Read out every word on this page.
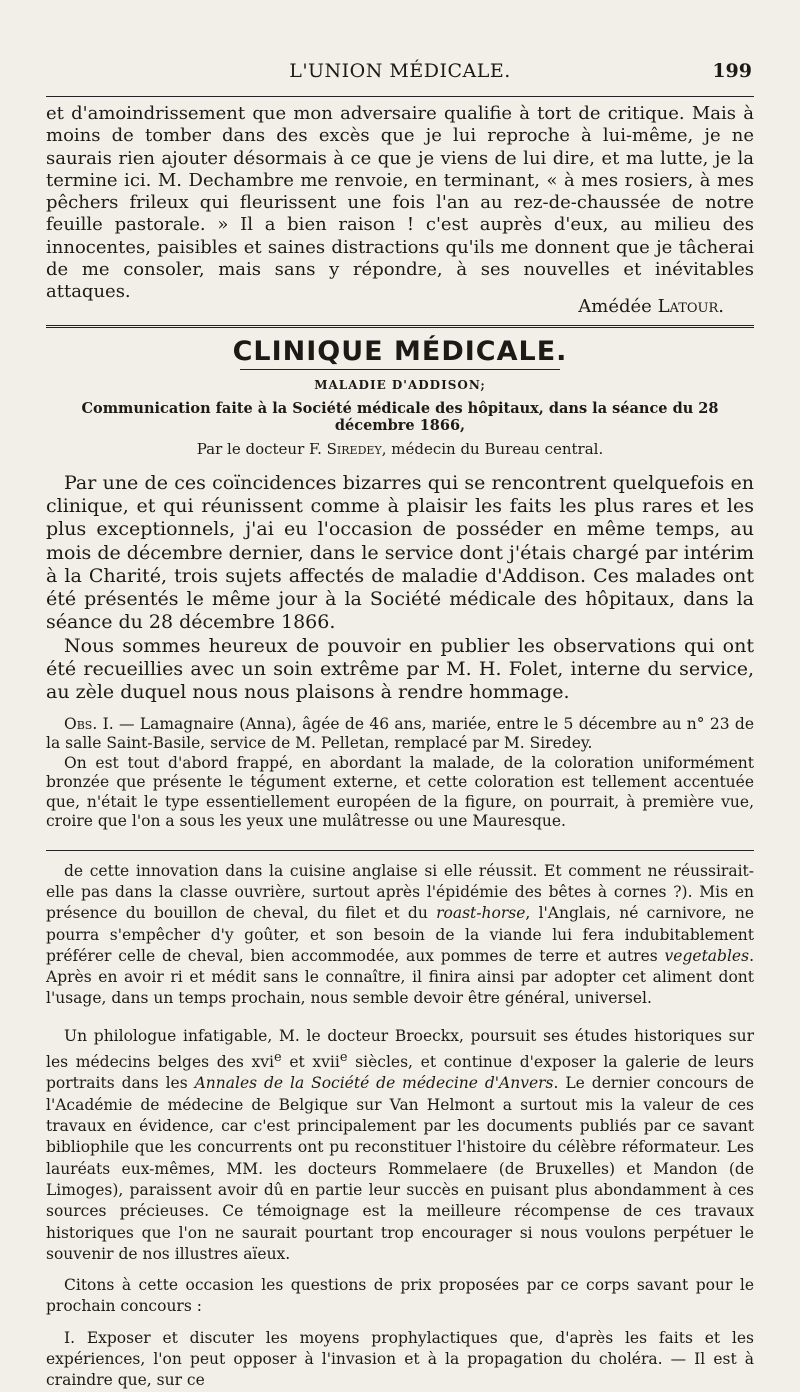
L'UNION MÉDICALE.	199

et d'amoindrissement que mon adversaire qualifie à tort de critique. Mais à moins de tomber dans des excès que je lui reproche à lui-même, je ne saurais rien ajouter désormais à ce que je viens de lui dire, et ma lutte, je la termine ici. M. Dechambre me renvoie, en terminant, « à mes rosiers, à mes pêchers frileux qui fleurissent une fois l'an au rez-de-chaussée de notre feuille pastorale. » Il a bien raison ! c'est auprès d'eux, au milieu des innocentes, paisibles et saines distractions qu'ils me donnent que je tâcherai de me consoler, mais sans y répondre, à ses nouvelles et inévitables attaques.

Amédée Latour.
CLINIQUE MÉDICALE.
MALADIE D'ADDISON;
Communication faite à la Société médicale des hôpitaux, dans la séance du 28 décembre 1866,
Par le docteur F. Siredey, médecin du Bureau central.

Par une de ces coïncidences bizarres qui se rencontrent quelquefois en clinique, et qui réunissent comme à plaisir les faits les plus rares et les plus exceptionnels, j'ai eu l'occasion de posséder en même temps, au mois de décembre dernier, dans le service dont j'étais chargé par intérim à la Charité, trois sujets affectés de maladie d'Addison. Ces malades ont été présentés le même jour à la Société médicale des hôpitaux, dans la séance du 28 décembre 1866.

Nous sommes heureux de pouvoir en publier les observations qui ont été recueillies avec un soin extrême par M. H. Folet, interne du service, au zèle duquel nous nous plaisons à rendre hommage.

Obs. I. — Lamagnaire (Anna), âgée de 46 ans, mariée, entre le 5 décembre au n° 23 de la salle Saint-Basile, service de M. Pelletan, remplacé par M. Siredey.

On est tout d'abord frappé, en abordant la malade, de la coloration uniformément bronzée que présente le tégument externe, et cette coloration est tellement accentuée que, n'était le type essentiellement européen de la figure, on pourrait, à première vue, croire que l'on a sous les yeux une mulâtresse ou une Mauresque.

de cette innovation dans la cuisine anglaise si elle réussit. Et comment ne réussirait-elle pas dans la classe ouvrière, surtout après l'épidémie des bêtes à cornes ?). Mis en présence du bouillon de cheval, du filet et du roast-horse, l'Anglais, né carnivore, ne pourra s'empêcher d'y goûter, et son besoin de la viande lui fera indubitablement préférer celle de cheval, bien accommodée, aux pommes de terre et autres vegetables. Après en avoir ri et médit sans le connaître, il finira ainsi par adopter cet aliment dont l'usage, dans un temps prochain, nous semble devoir être général, universel.

Un philologue infatigable, M. le docteur Broeckx, poursuit ses études historiques sur les médecins belges des xvi$^e$ et xvii$^e$ siècles, et continue d'exposer la galerie de leurs portraits dans les Annales de la Société de médecine d'Anvers. Le dernier concours de l'Académie de médecine de Belgique sur Van Helmont a surtout mis la valeur de ces travaux en évidence, car c'est principalement par les documents publiés par ce savant bibliophile que les concurrents ont pu reconstituer l'histoire du célèbre réformateur. Les lauréats eux-mêmes, MM. les docteurs Rommelaere (de Bruxelles) et Mandon (de Limoges), paraissent avoir dû en partie leur succès en puisant plus abondamment à ces sources précieuses. Ce témoignage est la meilleure récompense de ces travaux historiques que l'on ne saurait pourtant trop encourager si nous voulons perpétuer le souvenir de nos illustres aïeux.

Citons à cette occasion les questions de prix proposées par ce corps savant pour le prochain concours :

I. Exposer et discuter les moyens prophylactiques que, d'après les faits et les expériences, l'on peut opposer à l'invasion et à la propagation du choléra. — Il est à craindre que, sur ce
